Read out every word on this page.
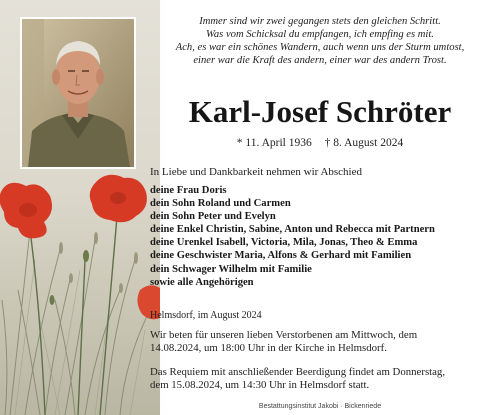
Immer sind wir zwei gegangen stets den gleichen Schritt.
Was vom Schicksal du empfangen, ich empfing es mit.
Ach, es war ein schönes Wandern, auch wenn uns der Sturm umtost,
einer war die Kraft des andern, einer war des andern Trost.
Karl-Josef Schröter
* 11. April 1936 † 8. August 2024
In Liebe und Dankbarkeit nehmen wir Abschied
deine Frau Doris
dein Sohn Roland und Carmen
dein Sohn Peter und Evelyn
deine Enkel Christin, Sabine, Anton und Rebecca mit Partnern
deine Urenkel Isabell, Victoria, Mila, Jonas, Theo & Emma
deine Geschwister Maria, Alfons & Gerhard mit Familien
dein Schwager Wilhelm mit Familie
sowie alle Angehörigen
Helmsdorf, im August 2024
Wir beten für unseren lieben Verstorbenen am Mittwoch, dem
14.08.2024, um 18:00 Uhr in der Kirche in Helmsdorf.
Das Requiem mit anschließender Beerdigung findet am Donnerstag,
dem 15.08.2024, um 14:30 Uhr in Helmsdorf statt.
Bestattungsinstitut Jakobi · Bickenriede
